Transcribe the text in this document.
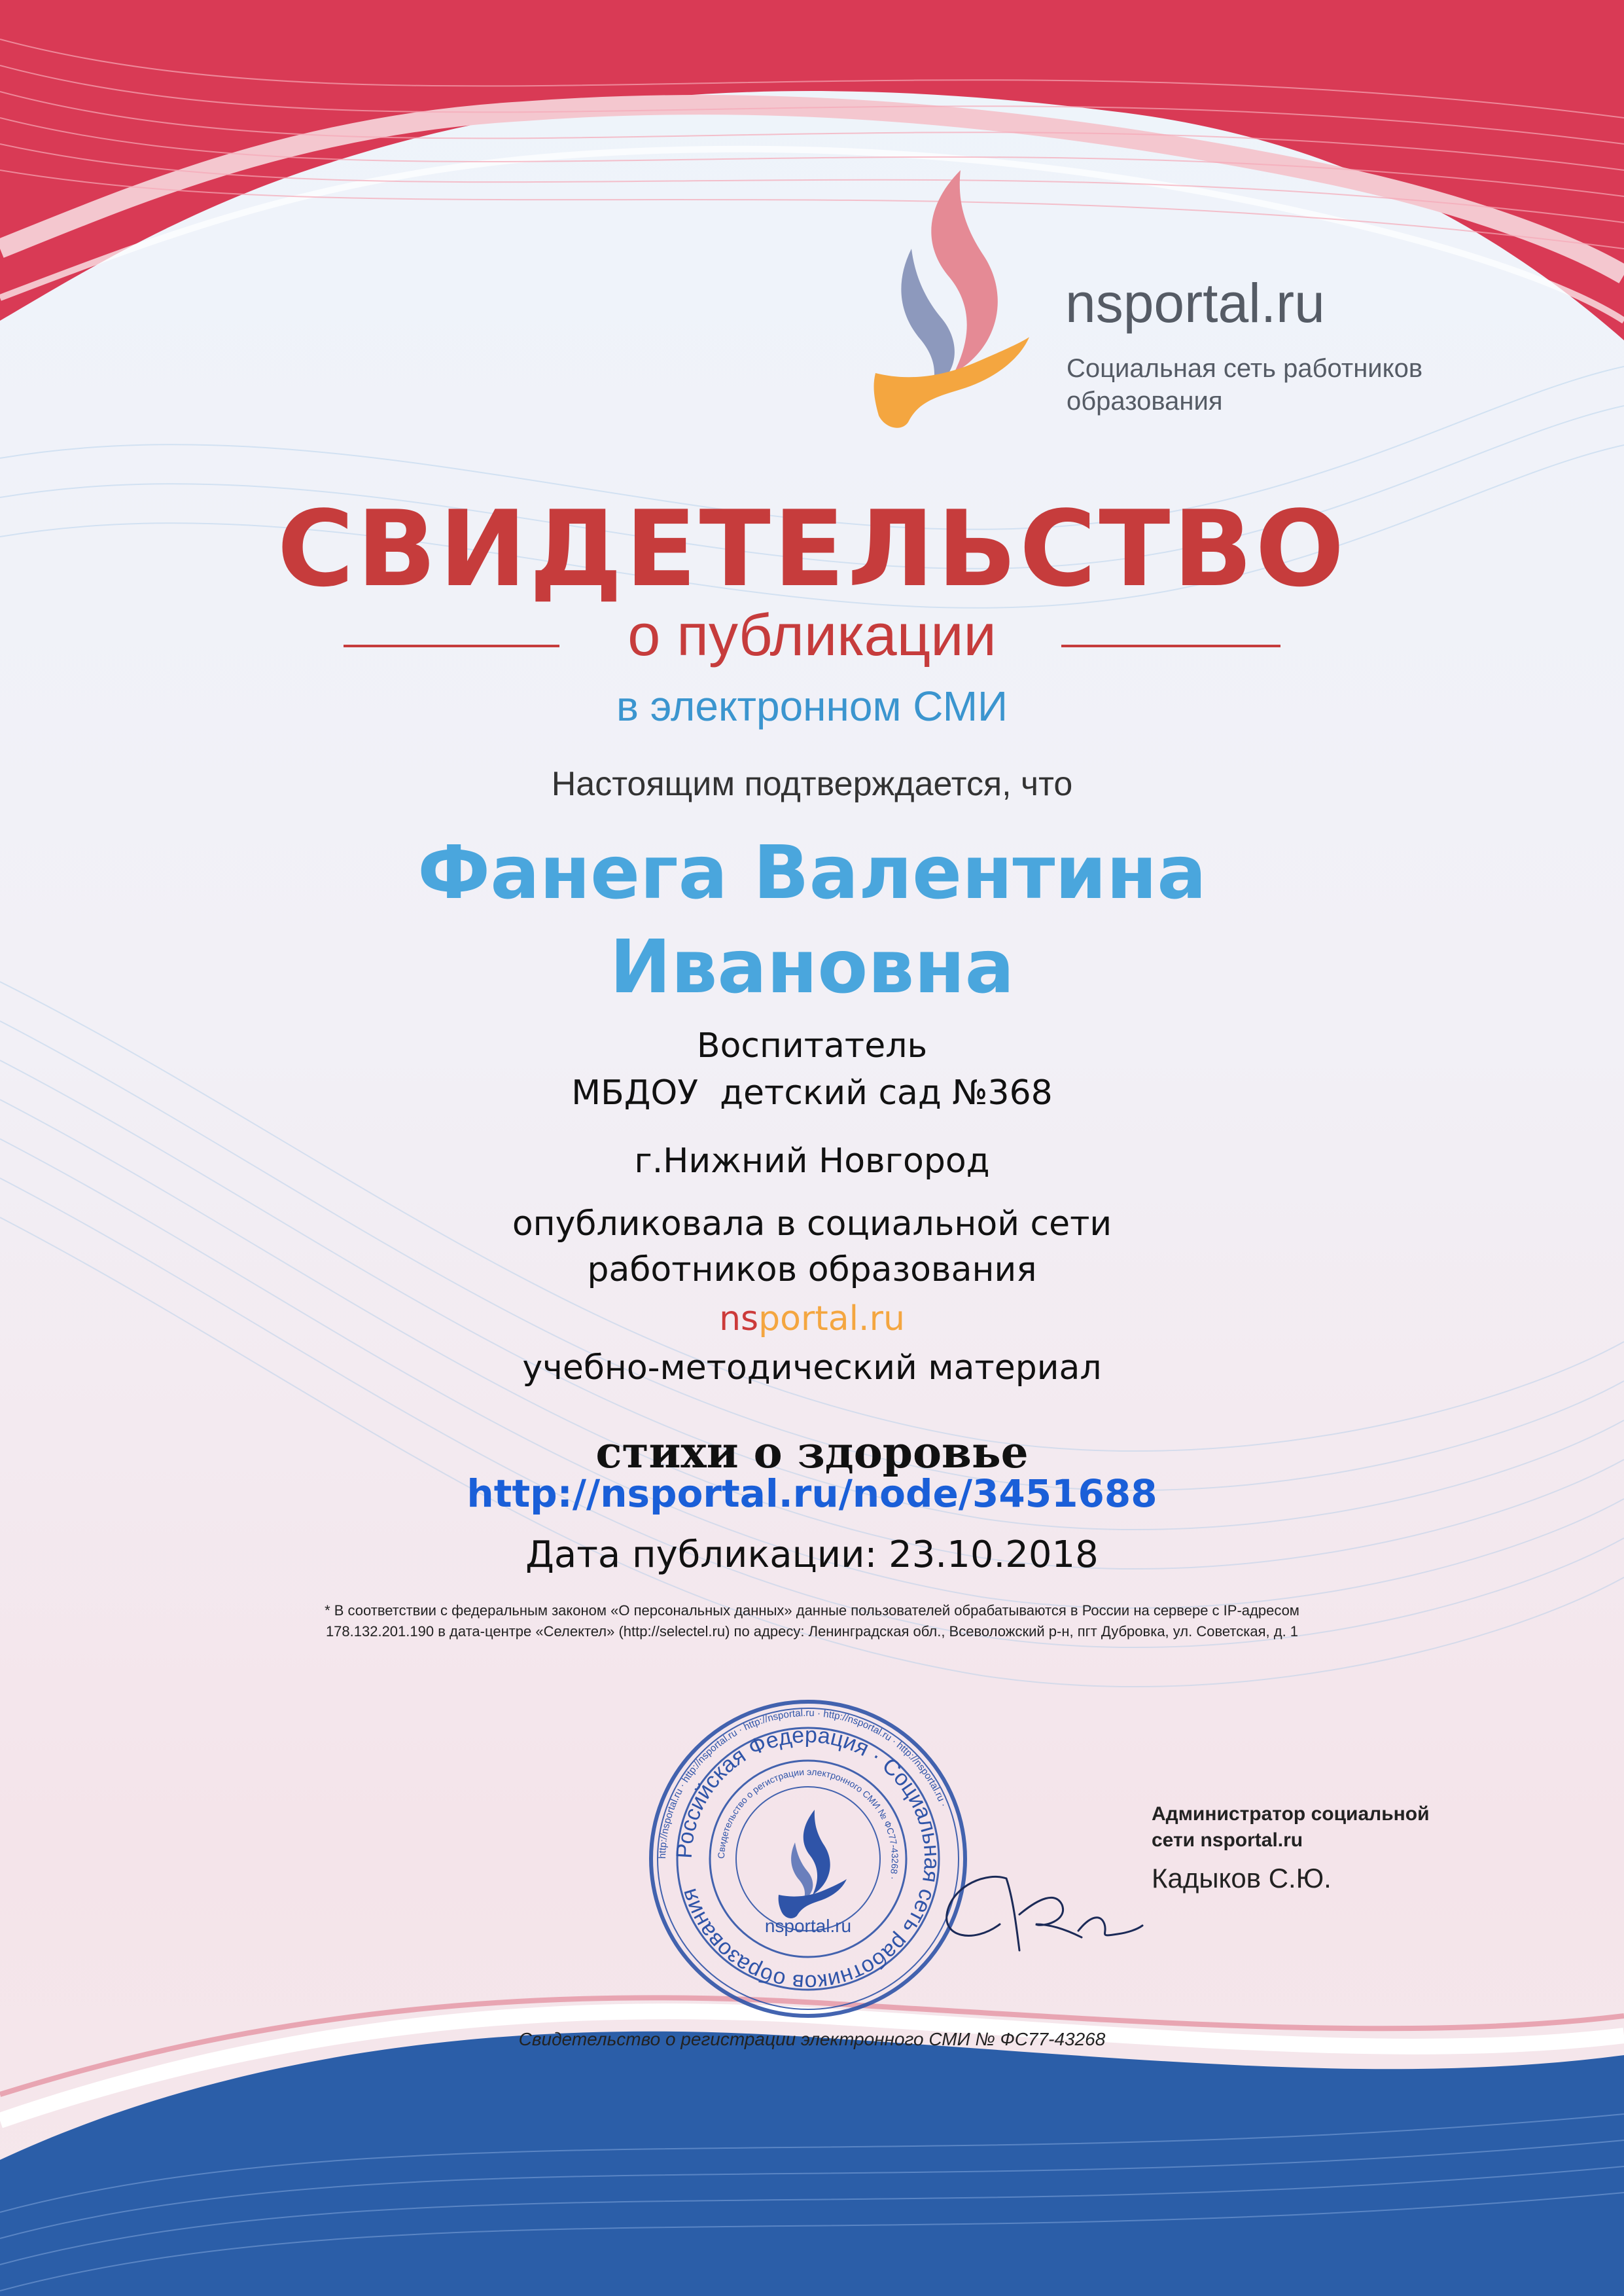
nsportal.ru
Социальная сеть работников
образования
СВИДЕТЕЛЬСТВО
о публикации
в электронном СМИ
Настоящим подтверждается, что
Фанега Валентина
Ивановна
Воспитатель
МБДОУ  детский сад №368
г.Нижний Новгород
опубликовала в социальной сети
работников образования
nsportal.ru
учебно-методический материал
стихи о здоровье
http://nsportal.ru/node/3451688
Дата публикации: 23.10.2018
* В соответствии с федеральным законом «О персональных данных» данные пользователей обрабатываются в России на сервере с IP-адресом
178.132.201.190 в дата-центре «Селектел» (http://selectel.ru) по адресу: Ленинградская обл., Всеволожский р-н, пгт Дубровка, ул. Советская, д. 1
http://nsportal.ru · http://nsportal.ru · http://nsportal.ru · http://nsportal.ru · http://nsportal.ru ·
Российская Федерация · Социальная сеть работников образования
Свидетельство о регистрации электронного СМИ № ФС77-43268 ·
nsportal.ru
Администратор социальной
сети nsportal.ru
Кадыков С.Ю.
Свидетельство о регистрации электронного СМИ № ФС77-43268
